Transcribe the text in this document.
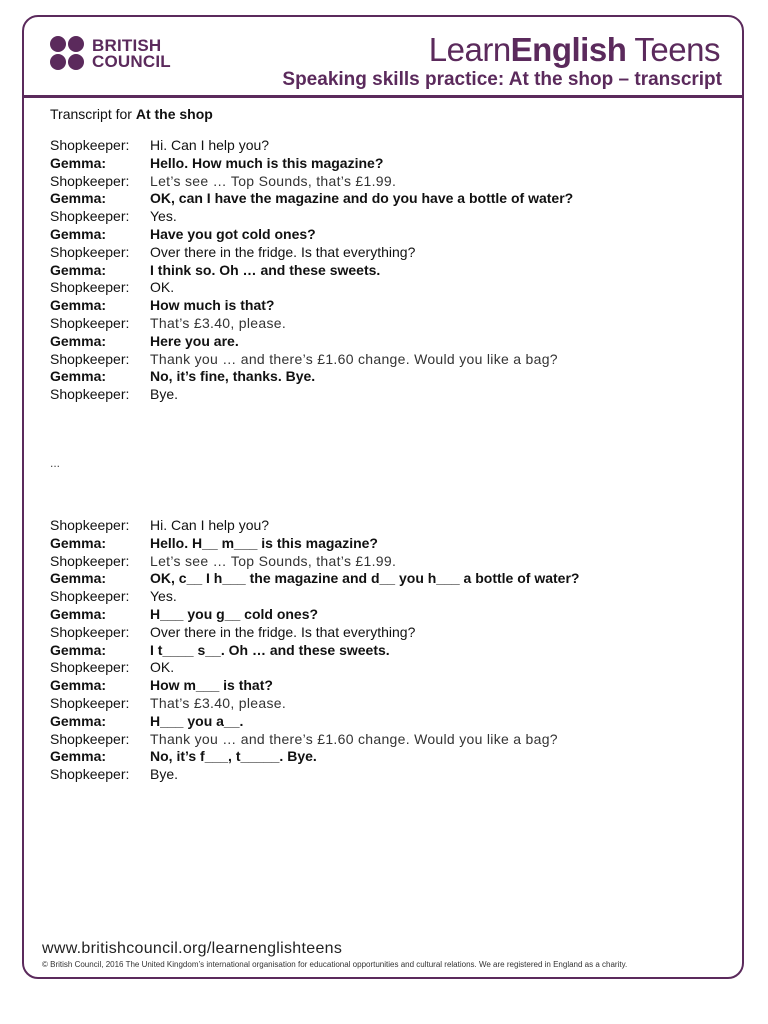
BRITISH
COUNCIL	LearnEnglish Teens
Speaking skills practice: At the shop – transcript
Transcript for At the shop
Shopkeeper:	Hi. Can I help you?
Gemma:	Hello. How much is this magazine?
Shopkeeper:	Let’s see … Top Sounds, that’s £1.99.
Gemma:	OK, can I have the magazine and do you have a bottle of water?
Shopkeeper:	Yes.
Gemma:	Have you got cold ones?
Shopkeeper:	Over there in the fridge. Is that everything?
Gemma:	I think so. Oh … and these sweets.
Shopkeeper:	OK.
Gemma:	How much is that?
Shopkeeper:	That’s £3.40, please.
Gemma:	Here you are.
Shopkeeper:	Thank you … and there’s £1.60 change. Would you like a bag?
Gemma:	No, it’s fine, thanks. Bye.
Shopkeeper:	Bye.
...
Shopkeeper:	Hi. Can I help you?
Gemma:	Hello. H__ m___ is this magazine?
Shopkeeper:	Let’s see … Top Sounds, that’s £1.99.
Gemma:	OK, c__ I h___ the magazine and d__ you h___ a bottle of water?
Shopkeeper:	Yes.
Gemma:	H___ you g__ cold ones?
Shopkeeper:	Over there in the fridge. Is that everything?
Gemma:	I t____ s__. Oh … and these sweets.
Shopkeeper:	OK.
Gemma:	How m___ is that?
Shopkeeper:	That’s £3.40, please.
Gemma:	H___ you a__.
Shopkeeper:	Thank you … and there’s £1.60 change. Would you like a bag?
Gemma:	No, it’s f___, t_____. Bye.
Shopkeeper:	Bye.
www.britishcouncil.org/learnenglishteens
© British Council, 2016 The United Kingdom’s international organisation for educational opportunities and cultural relations. We are registered in England as a charity.
